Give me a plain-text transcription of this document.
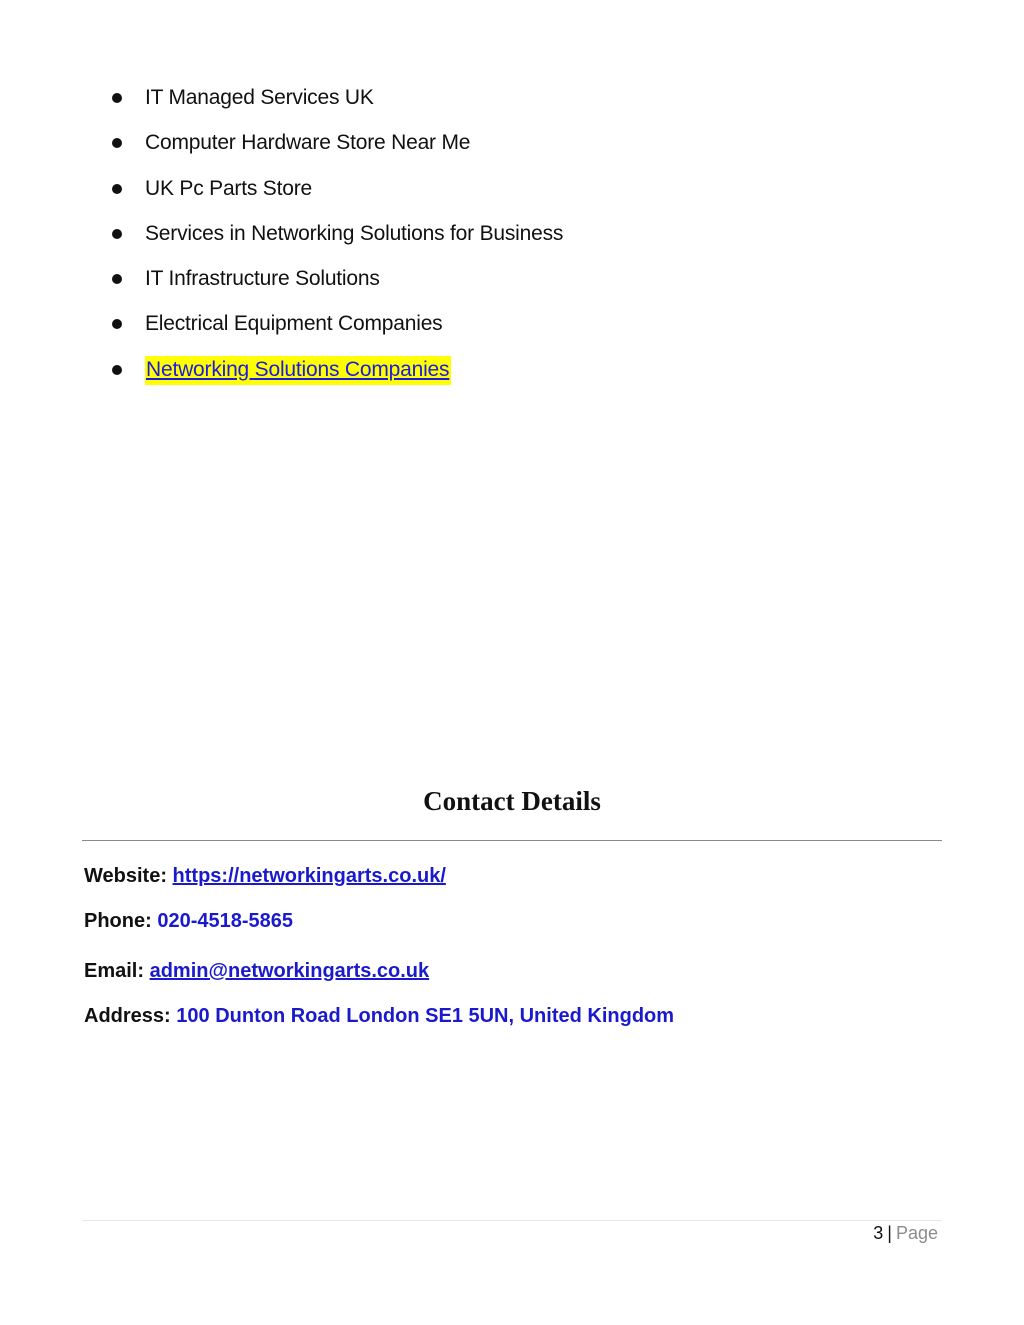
IT Managed Services UK
Computer Hardware Store Near Me
UK Pc Parts Store
Services in Networking Solutions for Business
IT Infrastructure Solutions
Electrical Equipment Companies
Networking Solutions Companies
Contact Details
Website: https://networkingarts.co.uk/
Phone: 020-4518-5865
Email: admin@networkingarts.co.uk
Address: 100 Dunton Road London SE1 5UN, United Kingdom
3 | Page
